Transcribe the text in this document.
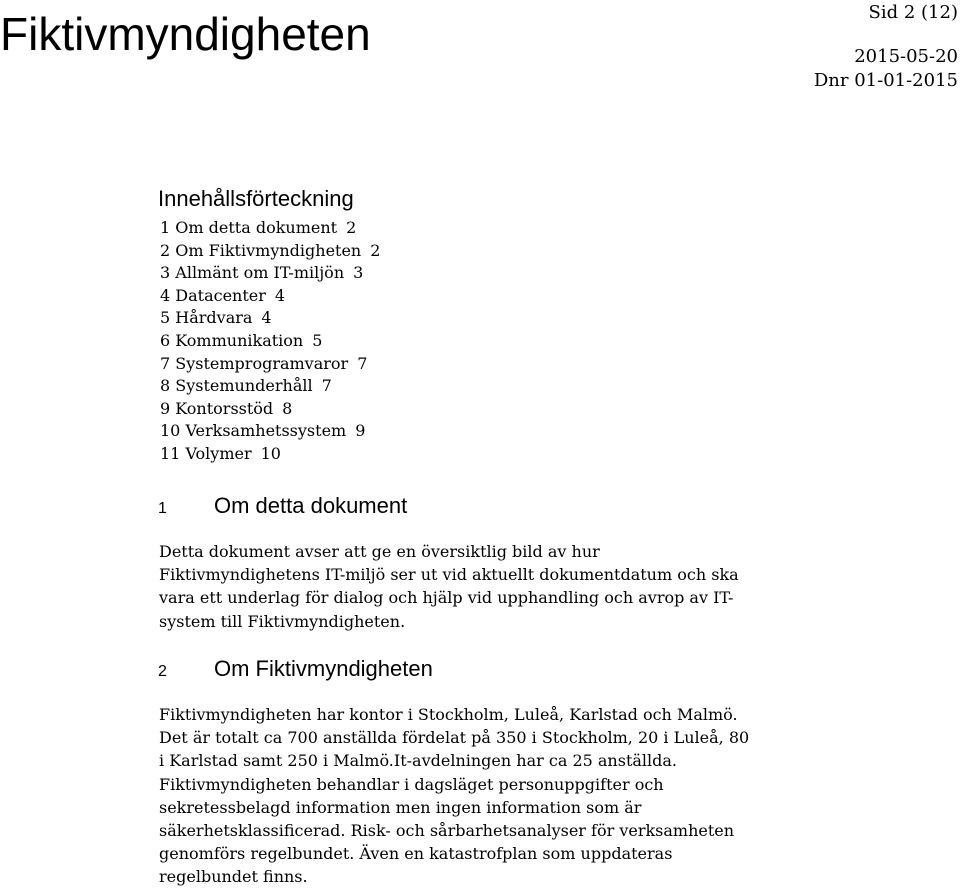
Fiktivmyndigheten	Sid 2 (12)
2015-05-20
Dnr 01-01-2015
Innehållsförteckning
1 Om detta dokument 2
2 Om Fiktivmyndigheten 2
3 Allmänt om IT-miljön 3
4 Datacenter 4
5 Hårdvara 4
6 Kommunikation 5
7 Systemprogramvaror 7
8 Systemunderhåll 7
9 Kontorsstöd 8
10 Verksamhetssystem 9
11 Volymer 10
1 Om detta dokument
Detta dokument avser att ge en översiktlig bild av hur
Fiktivmyndighetens IT-miljö ser ut vid aktuellt dokumentdatum och ska
vara ett underlag för dialog och hjälp vid upphandling och avrop av IT-
system till Fiktivmyndigheten.
2 Om Fiktivmyndigheten
Fiktivmyndigheten har kontor i Stockholm, Luleå, Karlstad och Malmö.
Det är totalt ca 700 anställda fördelat på 350 i Stockholm, 20 i Luleå, 80
i Karlstad samt 250 i Malmö.It-avdelningen har ca 25 anställda.
Fiktivmyndigheten behandlar i dagsläget personuppgifter och
sekretessbelagd information men ingen information som är
säkerhetsklassificerad. Risk- och sårbarhetsanalyser för verksamheten
genomförs regelbundet. Även en katastrofplan som uppdateras
regelbundet finns.
